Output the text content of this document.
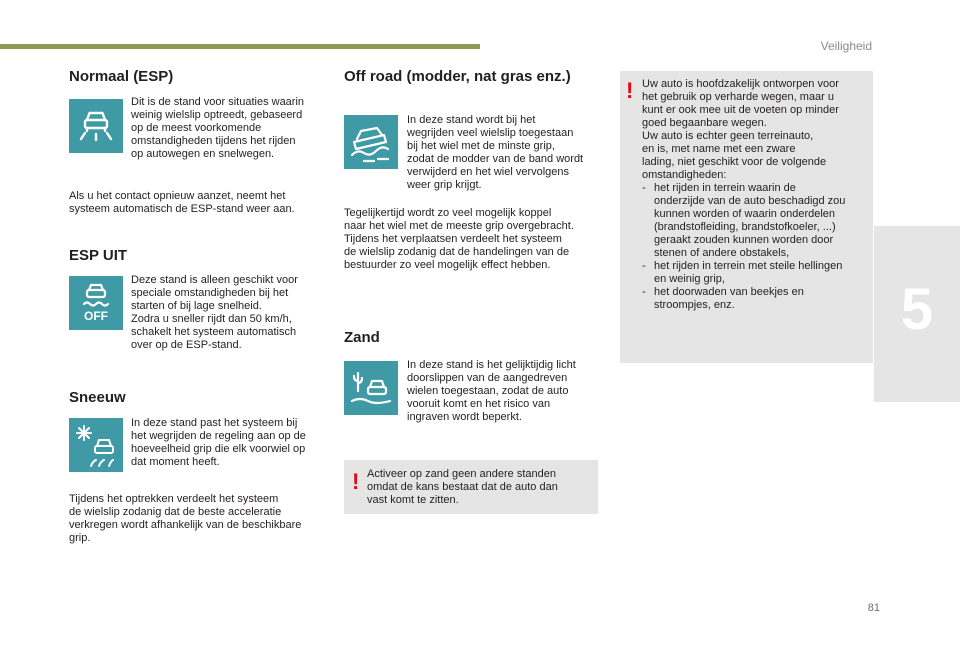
Veiligheid
5
81
Normaal (ESP)
Dit is de stand voor situaties waarin
weinig wielslip optreedt, gebaseerd
op de meest voorkomende
omstandigheden tijdens het rijden
op autowegen en snelwegen.
Als u het contact opnieuw aanzet, neemt het
systeem automatisch de ESP-stand weer aan.
ESP UIT
OFF
Deze stand is alleen geschikt voor
speciale omstandigheden bij het
starten of bij lage snelheid.
Zodra u sneller rijdt dan 50 km/h,
schakelt het systeem automatisch
over op de ESP-stand.
Sneeuw
In deze stand past het systeem bij
het wegrijden de regeling aan op de
hoeveelheid grip die elk voorwiel op
dat moment heeft.
Tijdens het optrekken verdeelt het systeem
de wielslip zodanig dat de beste acceleratie
verkregen wordt afhankelijk van de beschikbare
grip.
Off road (modder, nat gras enz.)
In deze stand wordt bij het
wegrijden veel wielslip toegestaan
bij het wiel met de minste grip,
zodat de modder van de band wordt
verwijderd en het wiel vervolgens
weer grip krijgt.
Tegelijkertijd wordt zo veel mogelijk koppel
naar het wiel met de meeste grip overgebracht.
Tijdens het verplaatsen verdeelt het systeem
de wielslip zodanig dat de handelingen van de
bestuurder zo veel mogelijk effect hebben.
Zand
In deze stand is het gelijktijdig licht
doorslippen van de aangedreven
wielen toegestaan, zodat de auto
vooruit komt en het risico van
ingraven wordt beperkt.
! Activeer op zand geen andere standen
omdat de kans bestaat dat de auto dan
vast komt te zitten.
! Uw auto is hoofdzakelijk ontworpen voor
het gebruik op verharde wegen, maar u
kunt er ook mee uit de voeten op minder
goed begaanbare wegen.
Uw auto is echter geen terreinauto,
en is, met name met een zware
lading, niet geschikt voor de volgende
omstandigheden:
- het rijden in terrein waarin de
onderzijde van de auto beschadigd zou
kunnen worden of waarin onderdelen
(brandstofleiding, brandstofkoeler, ...)
geraakt zouden kunnen worden door
stenen of andere obstakels,
- het rijden in terrein met steile hellingen
en weinig grip,
- het doorwaden van beekjes en
stroompjes, enz.
